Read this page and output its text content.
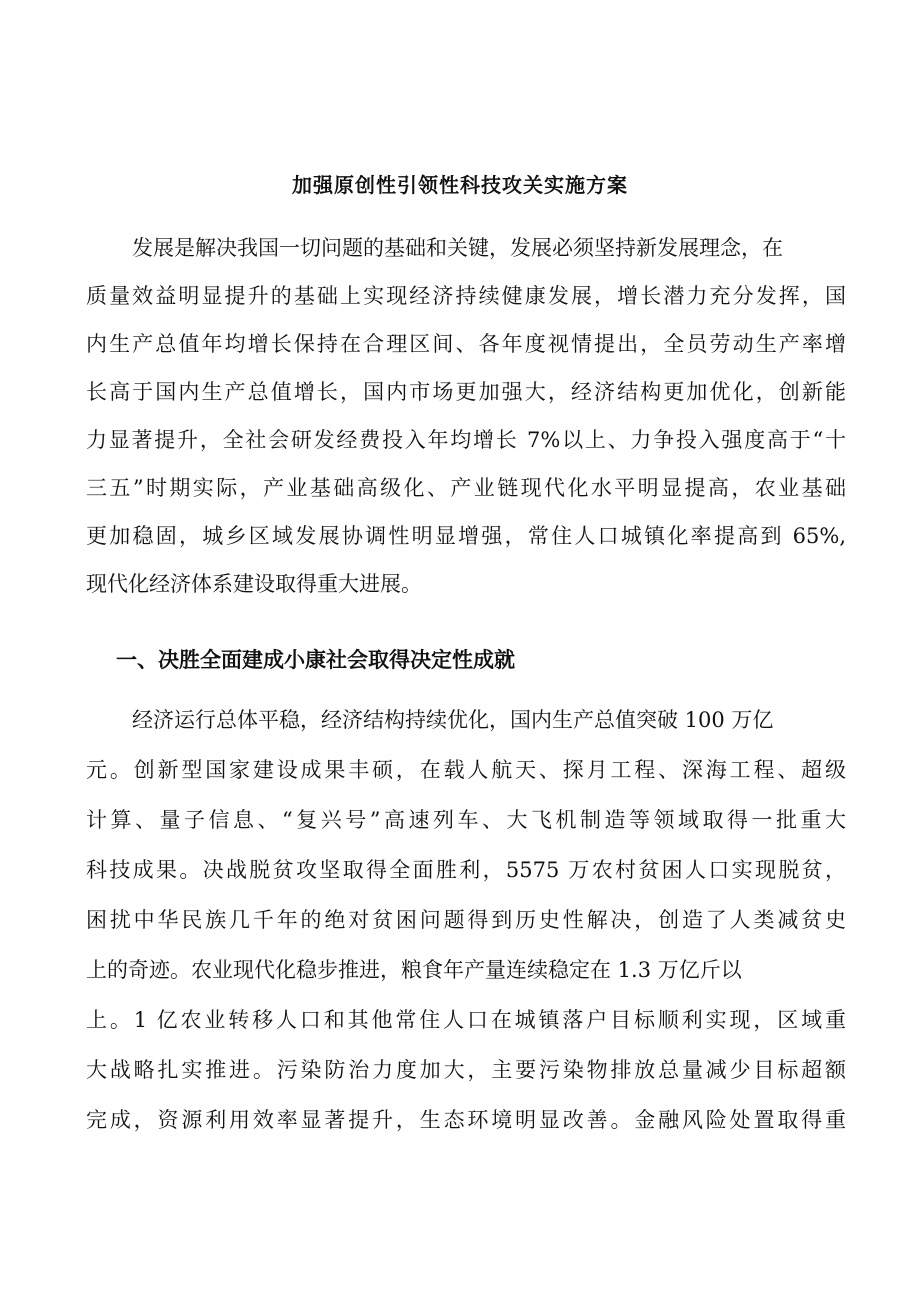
加强原创性引领性科技攻关实施方案

发展是解决我国一切问题的基础和关键，发展必须坚持新发展理念，在

质量效益明显提升的基础上实现经济持续健康发展，增长潜力充分发挥，国

内生产总值年均增长保持在合理区间、各年度视情提出，全员劳动生产率增

长高于国内生产总值增长，国内市场更加强大，经济结构更加优化，创新能

力显著提升，全社会研发经费投入年均增长 7%以上、力争投入强度高于“十

三五”时期实际，产业基础高级化、产业链现代化水平明显提高，农业基础

更加稳固，城乡区域发展协调性明显增强，常住人口城镇化率提高到 65%,

现代化经济体系建设取得重大进展。

一、决胜全面建成小康社会取得决定性成就

经济运行总体平稳，经济结构持续优化，国内生产总值突破 100 万亿

元。创新型国家建设成果丰硕，在载人航天、探月工程、深海工程、超级

计算、量子信息、“复兴号”高速列车、大飞机制造等领域取得一批重大

科技成果。决战脱贫攻坚取得全面胜利，5575 万农村贫困人口实现脱贫，

困扰中华民族几千年的绝对贫困问题得到历史性解决，创造了人类减贫史

上的奇迹。农业现代化稳步推进，粮食年产量连续稳定在 1.3 万亿斤以

上。1 亿农业转移人口和其他常住人口在城镇落户目标顺利实现，区域重

大战略扎实推进。污染防治力度加大，主要污染物排放总量减少目标超额

完成，资源利用效率显著提升，生态环境明显改善。金融风险处置取得重
